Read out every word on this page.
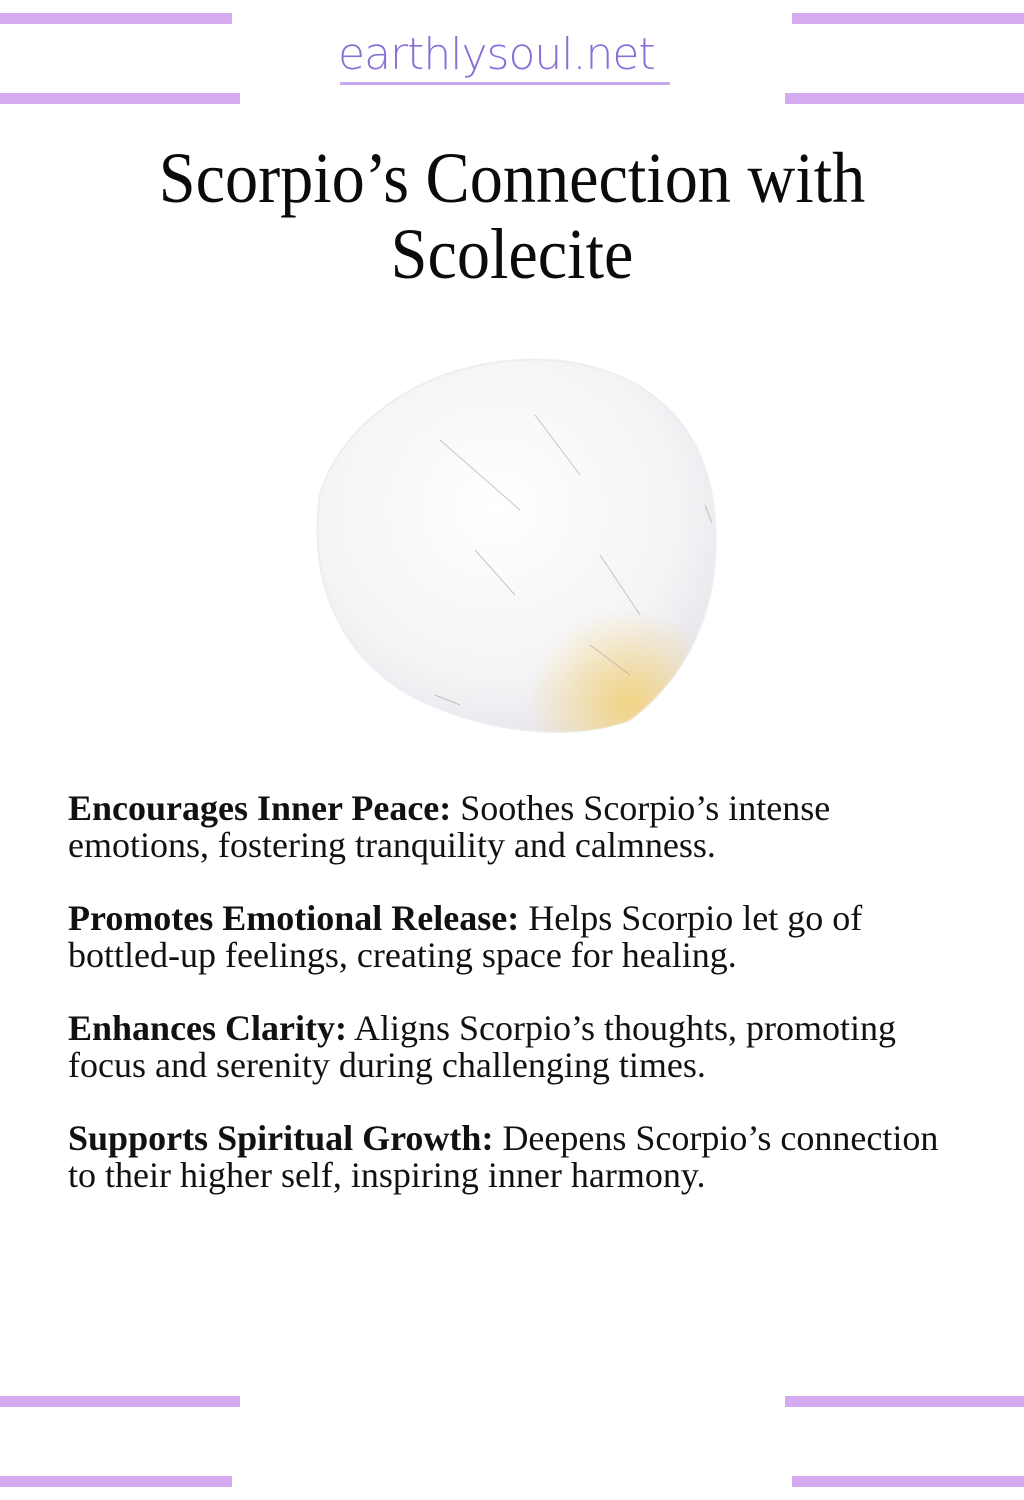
earthlysoul.net
Scorpio’s Connection with
Scolecite
Encourages Inner Peace: Soothes Scorpio’s intense emotions, fostering tranquility and calmness.
Promotes Emotional Release: Helps Scorpio let go of bottled-up feelings, creating space for healing.
Enhances Clarity: Aligns Scorpio’s thoughts, promoting focus and serenity during challenging times.
Supports Spiritual Growth: Deepens Scorpio’s connection to their higher self, inspiring inner harmony.
